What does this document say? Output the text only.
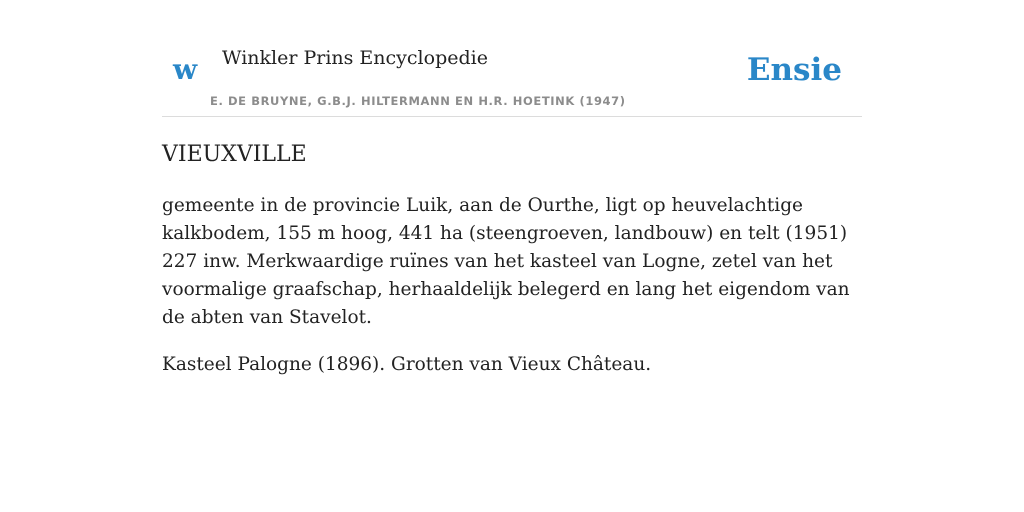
w Winkler Prins Encyclopedie
E. DE BRUYNE, G.B.J. HILTERMANN EN H.R. HOETINK (1947)
Ensie
VIEUXVILLE

gemeente in de provincie Luik, aan de Ourthe, ligt op heuvelachtige kalkbodem, 155 m hoog, 441 ha (steengroeven, landbouw) en telt (1951) 227 inw. Merkwaardige ruïnes van het kasteel van Logne, zetel van het voormalige graafschap, herhaaldelijk belegerd en lang het eigendom van de abten van Stavelot.

Kasteel Palogne (1896). Grotten van Vieux Château.
